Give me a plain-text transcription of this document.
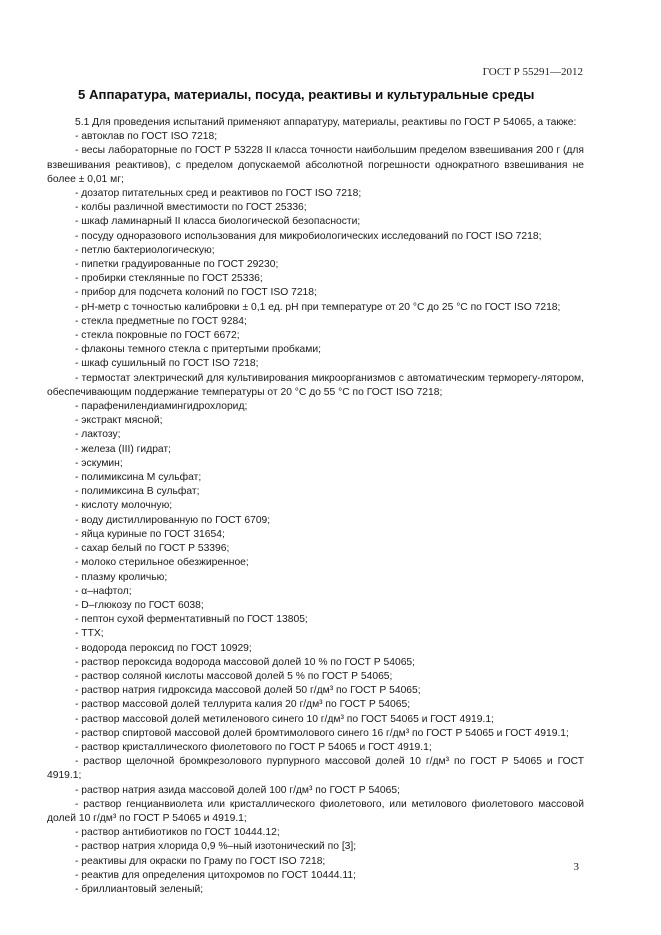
ГОСТ Р 55291—2012
5 Аппаратура, материалы, посуда, реактивы и культуральные среды
5.1 Для проведения испытаний применяют аппаратуру, материалы, реактивы по ГОСТ Р 54065, а также:
- автоклав по ГОСТ ISO 7218;
- весы лабораторные по ГОСТ Р 53228 II класса точности наибольшим пределом взвешивания 200 г (для взвешивания реактивов), с пределом допускаемой абсолютной погрешности однократного взвешивания не более ± 0,01 мг;
- дозатор питательных сред и реактивов по ГОСТ ISO 7218;
- колбы различной вместимости по ГОСТ 25336;
- шкаф ламинарный II класса биологической безопасности;
- посуду одноразового использования для микробиологических исследований по ГОСТ ISO 7218;
- петлю бактериологическую;
- пипетки градуированные по ГОСТ 29230;
- пробирки стеклянные по ГОСТ 25336;
- прибор для подсчета колоний по ГОСТ ISO 7218;
- рН-метр с точностью калибровки ± 0,1 ед. рН при температуре от 20 °С до 25 °С по ГОСТ ISO 7218;
- стекла предметные по ГОСТ 9284;
- стекла покровные по ГОСТ 6672;
- флаконы темного стекла с притертыми пробками;
- шкаф сушильный по ГОСТ ISO 7218;
- термостат электрический для культивирования микроорганизмов с автоматическим терморегу-лятором, обеспечивающим поддержание температуры от 20 °С до 55 °С по ГОСТ ISO 7218;
- парафенилендиамингидрохлорид;
- экстракт мясной;
- лактозу;
- железа (III) гидрат;
- эскумин;
- полимиксина М сульфат;
- полимиксина В сульфат;
- кислоту молочную;
- воду дистиллированную по ГОСТ 6709;
- яйца куриные по ГОСТ 31654;
- сахар белый по ГОСТ Р 53396;
- молоко стерильное обезжиренное;
- плазму кроличью;
- α–нафтол;
- D–глюкозу по ГОСТ 6038;
- пептон сухой ферментативный по ГОСТ 13805;
- ТТХ;
- водорода пероксид по ГОСТ 10929;
- раствор пероксида водорода массовой долей 10 % по ГОСТ Р 54065;
- раствор соляной кислоты массовой долей 5 % по ГОСТ Р 54065;
- раствор натрия гидроксида массовой долей 50 г/дм³ по ГОСТ Р 54065;
- раствор массовой долей теллурита калия 20 г/дм³ по ГОСТ Р 54065;
- раствор массовой долей метиленового синего 10 г/дм³ по ГОСТ 54065 и ГОСТ 4919.1;
- раствор спиртовой массовой долей бромтимолового синего 16 г/дм³ по ГОСТ Р 54065 и ГОСТ 4919.1;
- раствор кристаллического фиолетового по ГОСТ Р 54065 и ГОСТ 4919.1;
- раствор щелочной бромкрезолового пурпурного массовой долей 10 г/дм³ по ГОСТ Р 54065 и ГОСТ 4919.1;
- раствор натрия азида массовой долей 100 г/дм³ по ГОСТ Р 54065;
- раствор генцианвиолета или кристаллического фиолетового, или метилового фиолетового массовой долей 10 г/дм³ по ГОСТ Р 54065 и 4919.1;
- раствор антибиотиков по ГОСТ 10444.12;
- раствор натрия хлорида 0,9 %–ный изотонический по [3];
- реактивы для окраски по Граму по ГОСТ ISO 7218;
- реактив для определения цитохромов по ГОСТ 10444.11;
- бриллиантовый зеленый;
3
